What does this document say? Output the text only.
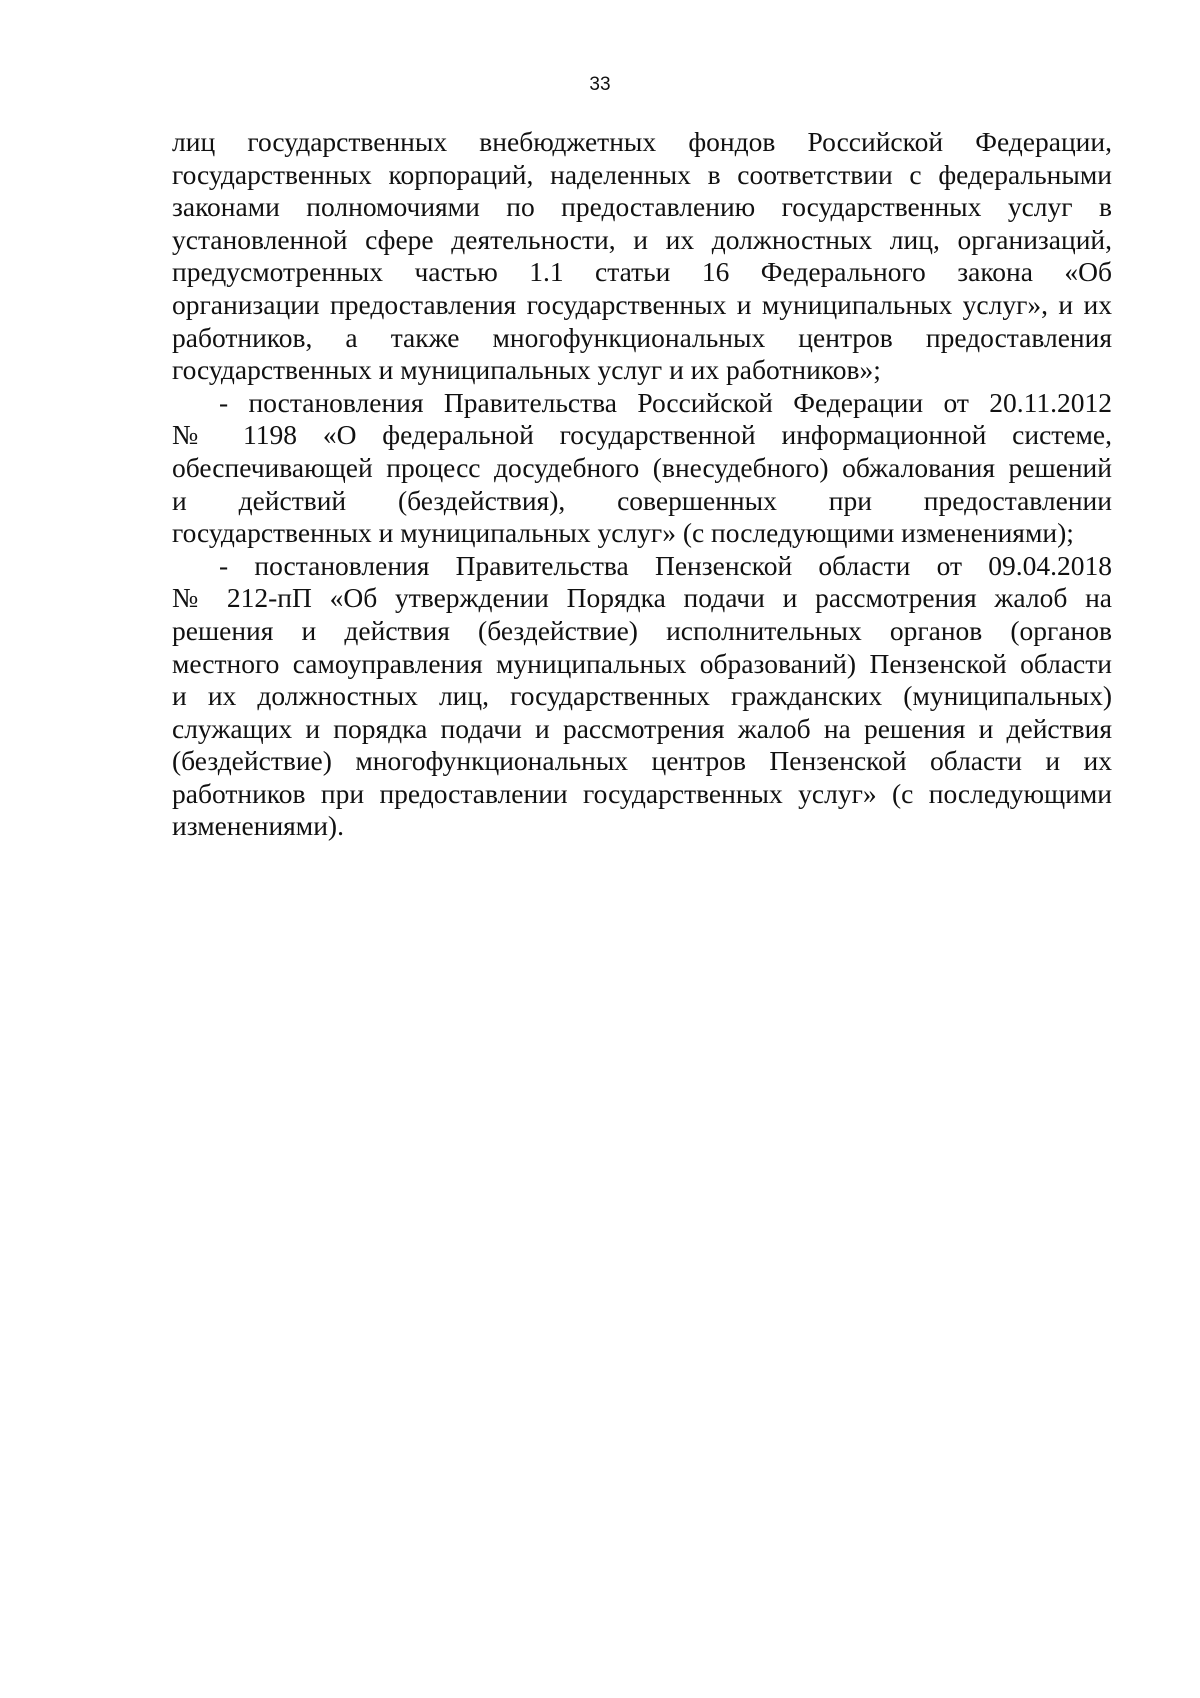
33
лиц государственных внебюджетных фондов Российской Федерации,
государственных корпораций, наделенных в соответствии с федеральными
законами полномочиями по предоставлению государственных услуг в
установленной сфере деятельности, и их должностных лиц, организаций,
предусмотренных частью 1.1 статьи 16 Федерального закона «Об
организации предоставления государственных и муниципальных услуг», и их
работников, а также многофункциональных центров предоставления
государственных и муниципальных услуг и их работников»;
- постановления Правительства Российской Федерации от 20.11.2012
№ 1198 «О федеральной государственной информационной системе,
обеспечивающей процесс досудебного (внесудебного) обжалования решений
и действий (бездействия), совершенных при предоставлении
государственных и муниципальных услуг» (с последующими изменениями);
- постановления Правительства Пензенской области от 09.04.2018
№ 212-пП «Об утверждении Порядка подачи и рассмотрения жалоб на
решения и действия (бездействие) исполнительных органов (органов
местного самоуправления муниципальных образований) Пензенской области
и их должностных лиц, государственных гражданских (муниципальных)
служащих и порядка подачи и рассмотрения жалоб на решения и действия
(бездействие) многофункциональных центров Пензенской области и их
работников при предоставлении государственных услуг» (с последующими
изменениями).
